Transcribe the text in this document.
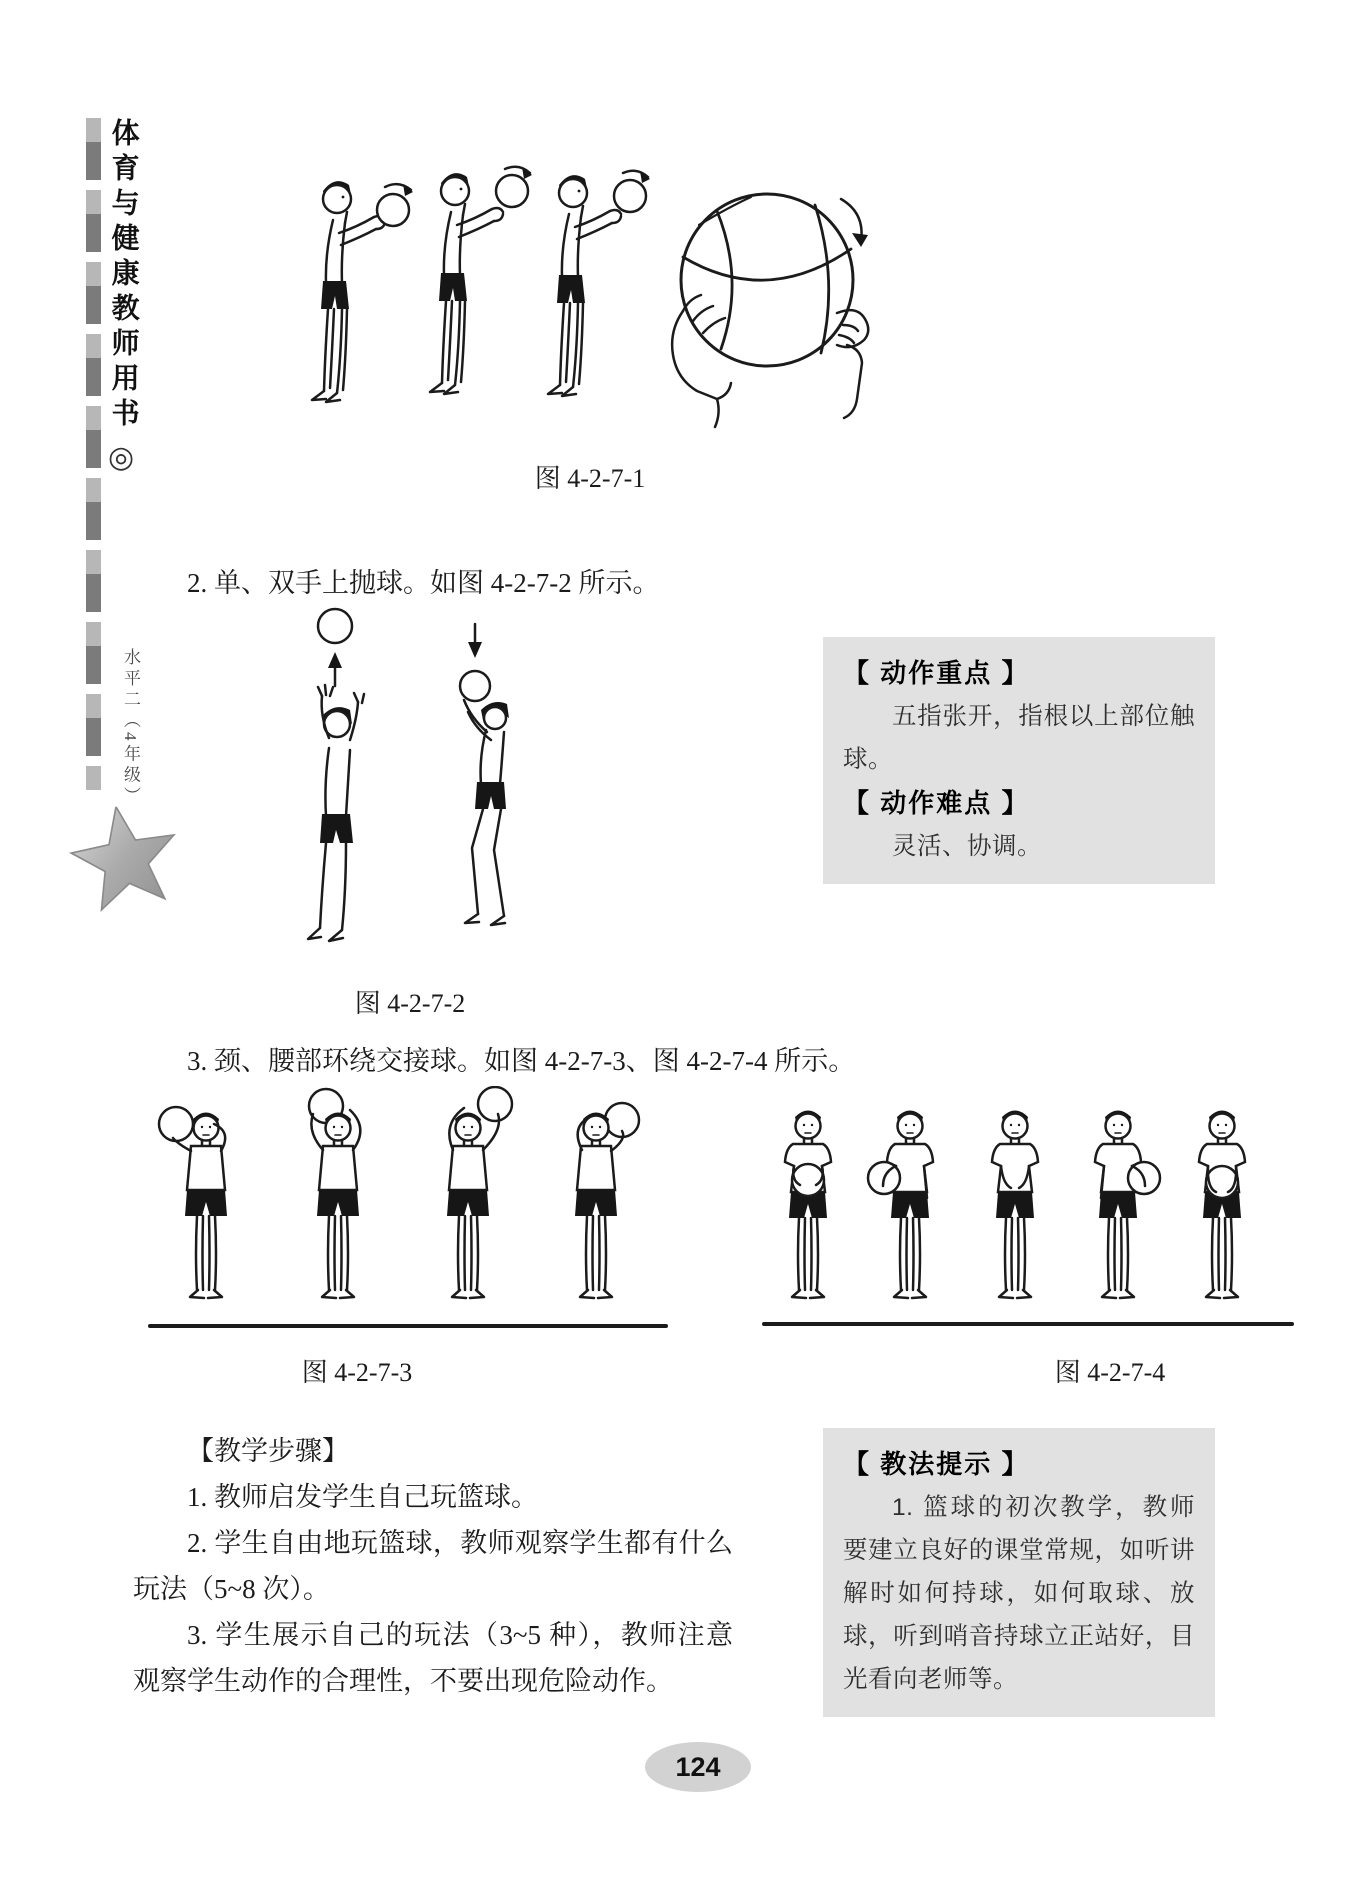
体育与健康教师用书
◎
水平二（4年级）
图 4-2-7-1
2. 单、双手上抛球。如图 4-2-7-2 所示。
图 4-2-7-2

【 动作重点 】

五指张开，指根以上部位触球。

【 动作难点 】

灵活、协调。

3. 颈、腰部环绕交接球。如图 4-2-7-3、图 4-2-7-4 所示。
图 4-2-7-3	图 4-2-7-4

【教学步骤】

1. 教师启发学生自己玩篮球。

2. 学生自由地玩篮球，教师观察学生都有什么玩法（5~8 次）。

3. 学生展示自己的玩法（3~5 种），教师注意观察学生动作的合理性，不要出现危险动作。

【 教法提示 】

1. 篮球的初次教学，教师要建立良好的课堂常规，如听讲解时如何持球，如何取球、放球，听到哨音持球立正站好，目光看向老师等。

124
